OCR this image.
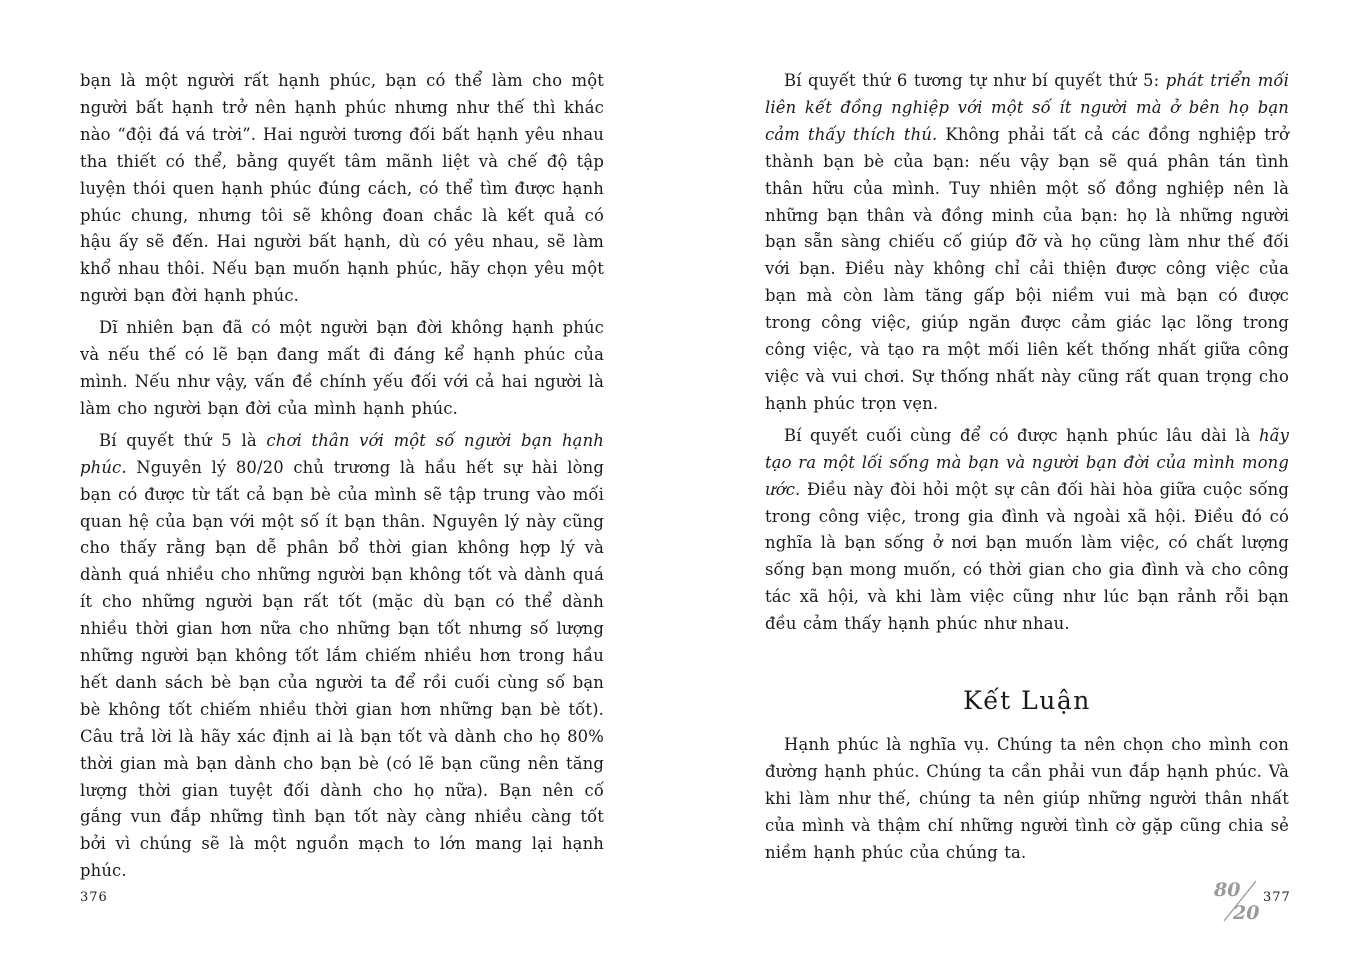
bạn là một người rất hạnh phúc, bạn có thể làm cho một người bất hạnh trở nên hạnh phúc nhưng như thế thì khác nào “đội đá vá trời”. Hai người tương đối bất hạnh yêu nhau tha thiết có thể, bằng quyết tâm mãnh liệt và chế độ tập luyện thói quen hạnh phúc đúng cách, có thể tìm được hạnh phúc chung, nhưng tôi sẽ không đoan chắc là kết quả có hậu ấy sẽ đến. Hai người bất hạnh, dù có yêu nhau, sẽ làm khổ nhau thôi. Nếu bạn muốn hạnh phúc, hãy chọn yêu một người bạn đời hạnh phúc.

Dĩ nhiên bạn đã có một người bạn đời không hạnh phúc và nếu thế có lẽ bạn đang mất đi đáng kể hạnh phúc của mình. Nếu như vậy, vấn đề chính yếu đối với cả hai người là làm cho người bạn đời của mình hạnh phúc.

Bí quyết thứ 5 là chơi thân với một số người bạn hạnh phúc. Nguyên lý 80/20 chủ trương là hầu hết sự hài lòng bạn có được từ tất cả bạn bè của mình sẽ tập trung vào mối quan hệ của bạn với một số ít bạn thân. Nguyên lý này cũng cho thấy rằng bạn dễ phân bổ thời gian không hợp lý và dành quá nhiều cho những người bạn không tốt và dành quá ít cho những người bạn rất tốt (mặc dù bạn có thể dành nhiều thời gian hơn nữa cho những bạn tốt nhưng số lượng những người bạn không tốt lắm chiếm nhiều hơn trong hầu hết danh sách bè bạn của người ta để rồi cuối cùng số bạn bè không tốt chiếm nhiều thời gian hơn những bạn bè tốt). Câu trả lời là hãy xác định ai là bạn tốt và dành cho họ 80% thời gian mà bạn dành cho bạn bè (có lẽ bạn cũng nên tăng lượng thời gian tuyệt đối dành cho họ nữa). Bạn nên cố gắng vun đắp những tình bạn tốt này càng nhiều càng tốt bởi vì chúng sẽ là một nguồn mạch to lớn mang lại hạnh phúc.

376

Bí quyết thứ 6 tương tự như bí quyết thứ 5: phát triển mối liên kết đồng nghiệp với một số ít người mà ở bên họ bạn cảm thấy thích thú. Không phải tất cả các đồng nghiệp trở thành bạn bè của bạn: nếu vậy bạn sẽ quá phân tán tình thân hữu của mình. Tuy nhiên một số đồng nghiệp nên là những bạn thân và đồng minh của bạn: họ là những người bạn sẵn sàng chiếu cố giúp đỡ và họ cũng làm như thế đối với bạn. Điều này không chỉ cải thiện được công việc của bạn mà còn làm tăng gấp bội niềm vui mà bạn có được trong công việc, giúp ngăn được cảm giác lạc lõng trong công việc, và tạo ra một mối liên kết thống nhất giữa công việc và vui chơi. Sự thống nhất này cũng rất quan trọng cho hạnh phúc trọn vẹn.

Bí quyết cuối cùng để có được hạnh phúc lâu dài là hãy tạo ra một lối sống mà bạn và người bạn đời của mình mong ước. Điều này đòi hỏi một sự cân đối hài hòa giữa cuộc sống trong công việc, trong gia đình và ngoài xã hội. Điều đó có nghĩa là bạn sống ở nơi bạn muốn làm việc, có chất lượng sống bạn mong muốn, có thời gian cho gia đình và cho công tác xã hội, và khi làm việc cũng như lúc bạn rảnh rỗi bạn đều cảm thấy hạnh phúc như nhau.

Kết Luận

Hạnh phúc là nghĩa vụ. Chúng ta nên chọn cho mình con đường hạnh phúc. Chúng ta cần phải vun đắp hạnh phúc. Và khi làm như thế, chúng ta nên giúp những người thân nhất của mình và thậm chí những người tình cờ gặp cũng chia sẻ niềm hạnh phúc của chúng ta.

80
20
377
